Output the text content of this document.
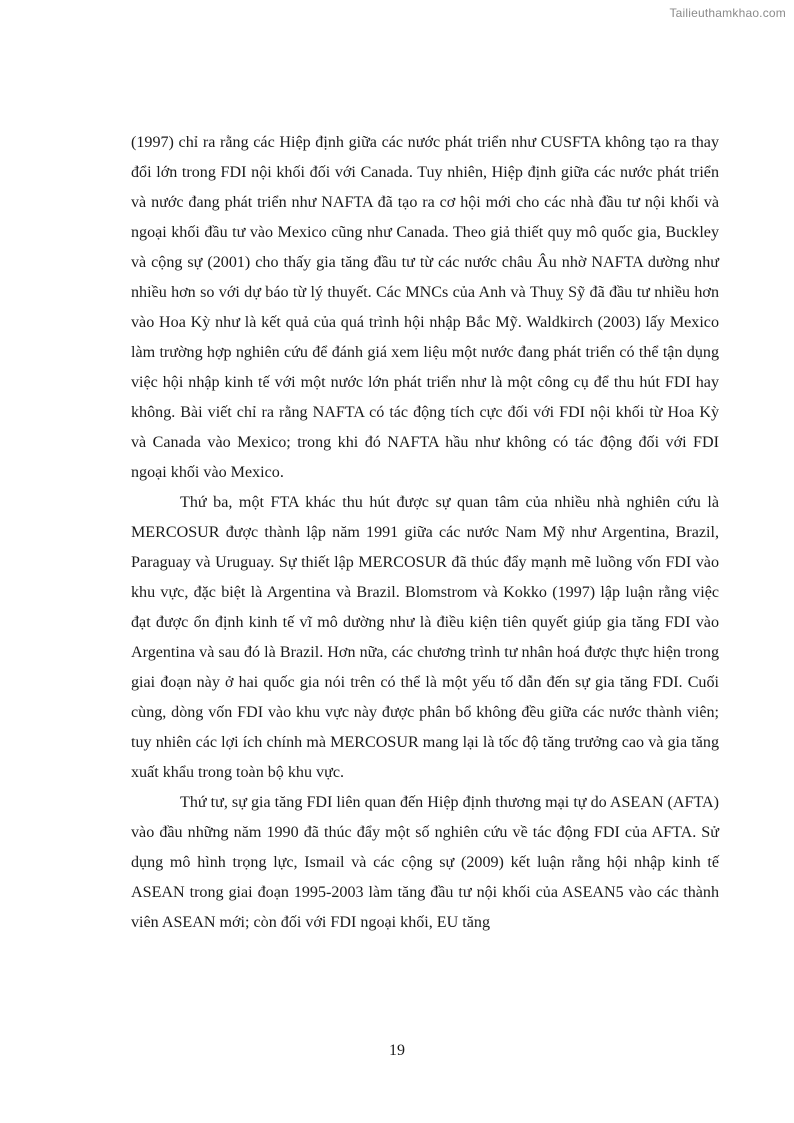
Tailieuthamkhao.com

(1997) chỉ ra rằng các Hiệp định giữa các nước phát triển như CUSFTA không tạo ra thay đổi lớn trong FDI nội khối đối với Canada. Tuy nhiên, Hiệp định giữa các nước phát triển và nước đang phát triển như NAFTA đã tạo ra cơ hội mới cho các nhà đầu tư nội khối và ngoại khối đầu tư vào Mexico cũng như Canada. Theo giả thiết quy mô quốc gia, Buckley và cộng sự (2001) cho thấy gia tăng đầu tư từ các nước châu Âu nhờ NAFTA dường như nhiều hơn so với dự báo từ lý thuyết. Các MNCs của Anh và Thuỵ Sỹ đã đầu tư nhiều hơn vào Hoa Kỳ như là kết quả của quá trình hội nhập Bắc Mỹ. Waldkirch (2003) lấy Mexico làm trường hợp nghiên cứu để đánh giá xem liệu một nước đang phát triển có thể tận dụng việc hội nhập kinh tế với một nước lớn phát triển như là một công cụ để thu hút FDI hay không. Bài viết chỉ ra rằng NAFTA có tác động tích cực đối với FDI nội khối từ Hoa Kỳ và Canada vào Mexico; trong khi đó NAFTA hầu như không có tác động đối với FDI ngoại khối vào Mexico.

Thứ ba, một FTA khác thu hút được sự quan tâm của nhiều nhà nghiên cứu là MERCOSUR được thành lập năm 1991 giữa các nước Nam Mỹ như Argentina, Brazil, Paraguay và Uruguay. Sự thiết lập MERCOSUR đã thúc đẩy mạnh mẽ luồng vốn FDI vào khu vực, đặc biệt là Argentina và Brazil. Blomstrom và Kokko (1997) lập luận rằng việc đạt được ổn định kinh tế vĩ mô dường như là điều kiện tiên quyết giúp gia tăng FDI vào Argentina và sau đó là Brazil. Hơn nữa, các chương trình tư nhân hoá được thực hiện trong giai đoạn này ở hai quốc gia nói trên có thể là một yếu tố dẫn đến sự gia tăng FDI. Cuối cùng, dòng vốn FDI vào khu vực này được phân bổ không đều giữa các nước thành viên; tuy nhiên các lợi ích chính mà MERCOSUR mang lại là tốc độ tăng trưởng cao và gia tăng xuất khẩu trong toàn bộ khu vực.

Thứ tư, sự gia tăng FDI liên quan đến Hiệp định thương mại tự do ASEAN (AFTA) vào đầu những năm 1990 đã thúc đẩy một số nghiên cứu về tác động FDI của AFTA. Sử dụng mô hình trọng lực, Ismail và các cộng sự (2009) kết luận rằng hội nhập kinh tế ASEAN trong giai đoạn 1995-2003 làm tăng đầu tư nội khối của ASEAN5 vào các thành viên ASEAN mới; còn đối với FDI ngoại khối, EU tăng

19
